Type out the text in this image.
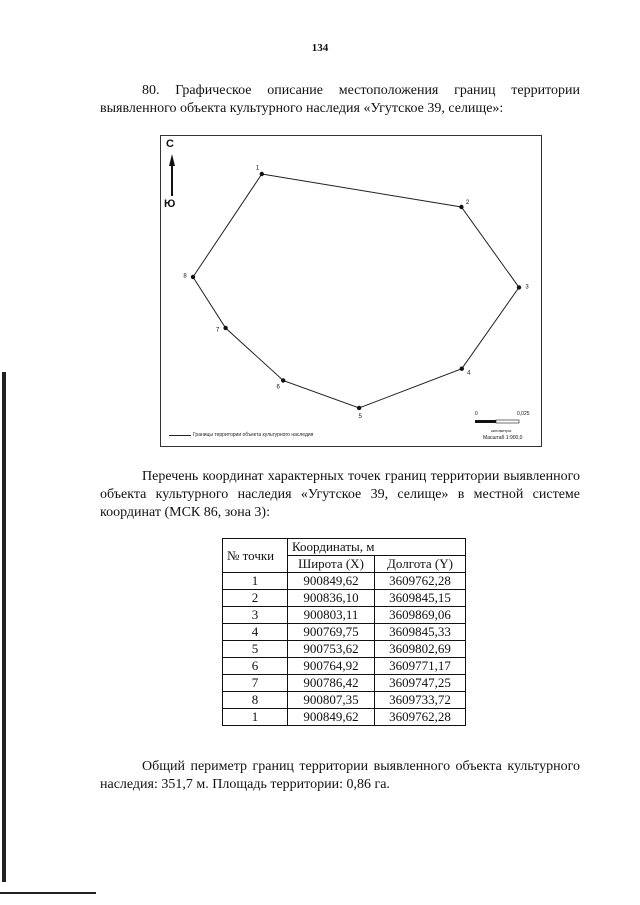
134
80. Графическое описание местоположения границ территории выявленного объекта культурного наследия «Угутское 39, селище»:
1
2
3
4
5
6
7
8
С
Ю
Границы территории объекта культурного наследия
0	0,025
километры
Масштаб 1:900,0
Перечень координат характерных точек границ территории выявленного объекта культурного наследия «Угутское 39, селище» в местной системе координат (МСК 86, зона 3):
№ точки	Координаты, м	
	Широта (X)	Долгота (Y)
1	900849,62	3609762,28
2	900836,10	3609845,15
3	900803,11	3609869,06
4	900769,75	3609845,33
5	900753,62	3609802,69
6	900764,92	3609771,17
7	900786,42	3609747,25
8	900807,35	3609733,72
1	900849,62	3609762,28
Общий периметр границ территории выявленного объекта культурного наследия: 351,7 м. Площадь территории: 0,86 га.
